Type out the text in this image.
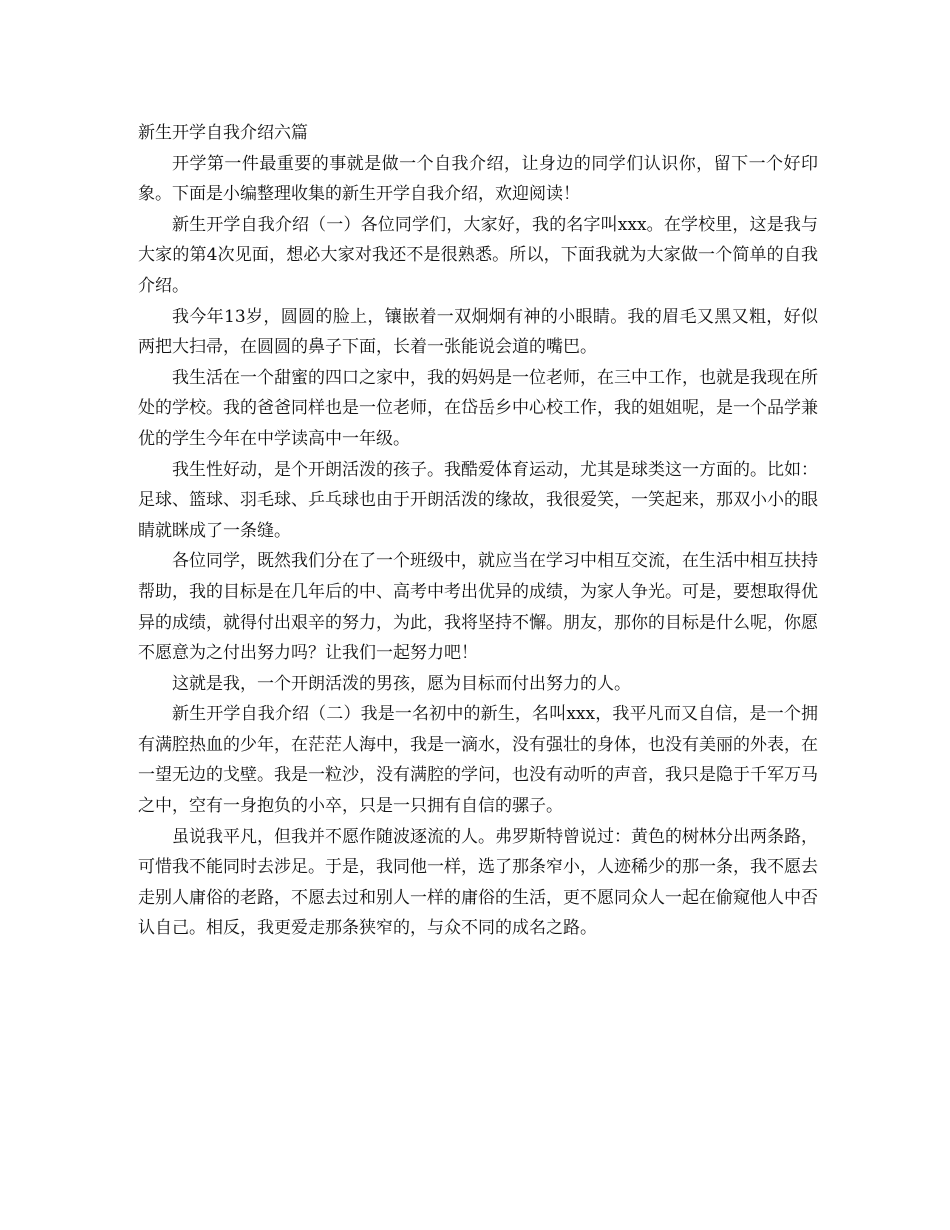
新生开学自我介绍六篇

开学第一件最重要的事就是做一个自我介绍，让身边的同学们认识你，留下一个好印象。下面是小编整理收集的新生开学自我介绍，欢迎阅读！

新生开学自我介绍（一）各位同学们，大家好，我的名字叫xxx。在学校里，这是我与大家的第4次见面，想必大家对我还不是很熟悉。所以，下面我就为大家做一个简单的自我介绍。

我今年13岁，圆圆的脸上，镶嵌着一双炯炯有神的小眼睛。我的眉毛又黑又粗，好似两把大扫帚，在圆圆的鼻子下面，长着一张能说会道的嘴巴。

我生活在一个甜蜜的四口之家中，我的妈妈是一位老师，在三中工作，也就是我现在所处的学校。我的爸爸同样也是一位老师，在岱岳乡中心校工作，我的姐姐呢，是一个品学兼优的学生今年在中学读高中一年级。

我生性好动，是个开朗活泼的孩子。我酷爱体育运动，尤其是球类这一方面的。比如：足球、篮球、羽毛球、乒乓球也由于开朗活泼的缘故，我很爱笑，一笑起来，那双小小的眼睛就眯成了一条缝。

各位同学，既然我们分在了一个班级中，就应当在学习中相互交流，在生活中相互扶持帮助，我的目标是在几年后的中、高考中考出优异的成绩，为家人争光。可是，要想取得优异的成绩，就得付出艰辛的努力，为此，我将坚持不懈。朋友，那你的目标是什么呢，你愿不愿意为之付出努力吗？让我们一起努力吧！

这就是我，一个开朗活泼的男孩，愿为目标而付出努力的人。

新生开学自我介绍（二）我是一名初中的新生，名叫xxx，我平凡而又自信，是一个拥有满腔热血的少年，在茫茫人海中，我是一滴水，没有强壮的身体，也没有美丽的外表，在一望无边的戈壁。我是一粒沙，没有满腔的学问，也没有动听的声音，我只是隐于千军万马之中，空有一身抱负的小卒，只是一只拥有自信的骡子。

虽说我平凡，但我并不愿作随波逐流的人。弗罗斯特曾说过：黄色的树林分出两条路，可惜我不能同时去涉足。于是，我同他一样，选了那条窄小，人迹稀少的那一条，我不愿去走别人庸俗的老路，不愿去过和别人一样的庸俗的生活，更不愿同众人一起在偷窥他人中否认自己。相反，我更爱走那条狭窄的，与众不同的成名之路。
